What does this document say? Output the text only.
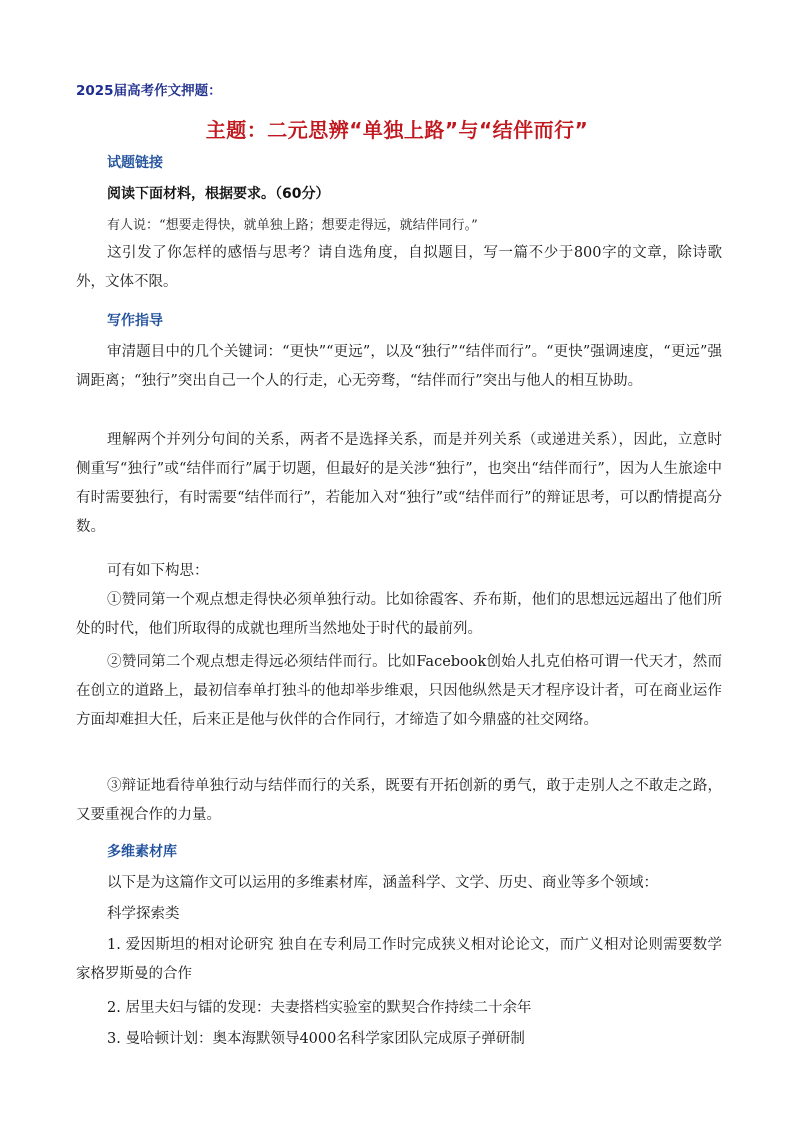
2025届高考作文押题：
主题：二元思辨“单独上路”与“结伴而行”
试题链接
阅读下面材料，根据要求。（60分）
有人说：“想要走得快，就单独上路；想要走得远，就结伴同行。”

这引发了你怎样的感悟与思考？请自选角度，自拟题目，写一篇不少于800字的文章，除诗歌外，文体不限。

写作指导

审清题目中的几个关键词：“更快”“更远”，以及“独行”“结伴而行”。“更快”强调速度，“更远”强调距离；“独行”突出自己一个人的行走，心无旁骛，“结伴而行”突出与他人的相互协助。

理解两个并列分句间的关系，两者不是选择关系，而是并列关系（或递进关系），因此，立意时侧重写“独行”或“结伴而行”属于切题，但最好的是关涉“独行”，也突出“结伴而行”，因为人生旅途中有时需要独行，有时需要“结伴而行”，若能加入对“独行”或“结伴而行”的辩证思考，可以酌情提高分数。

可有如下构思：

①赞同第一个观点想走得快必须单独行动。比如徐霞客、乔布斯，他们的思想远远超出了他们所处的时代，他们所取得的成就也理所当然地处于时代的最前列。

②赞同第二个观点想走得远必须结伴而行。比如Facebook创始人扎克伯格可谓一代天才，然而在创立的道路上，最初信奉单打独斗的他却举步维艰，只因他纵然是天才程序设计者，可在商业运作方面却难担大任，后来正是他与伙伴的合作同行，才缔造了如今鼎盛的社交网络。

③辩证地看待单独行动与结伴而行的关系，既要有开拓创新的勇气，敢于走别人之不敢走之路，又要重视合作的力量。

多维素材库
以下是为这篇作文可以运用的多维素材库，涵盖科学、文学、历史、商业等多个领域：
科学探索类

1. 爱因斯坦的相对论研究 独自在专利局工作时完成狭义相对论论文，而广义相对论则需要数学家格罗斯曼的合作

2. 居里夫妇与镭的发现：夫妻搭档实验室的默契合作持续二十余年
3. 曼哈顿计划：奥本海默领导4000名科学家团队完成原子弹研制
